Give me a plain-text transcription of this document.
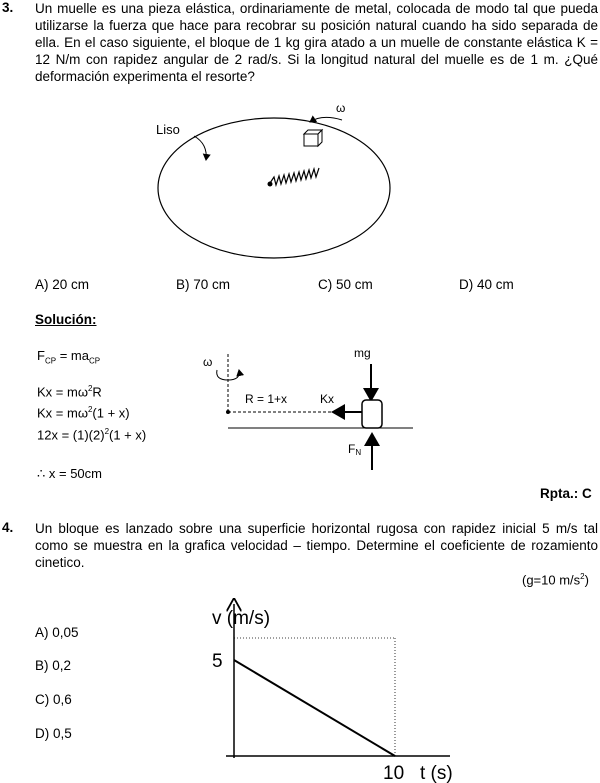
3. Un muelle es una pieza elástica, ordinariamente de metal, colocada de modo tal que pueda utilizarse la fuerza que hace para recobrar su posición natural cuando ha sido separada de ella. En el caso siguiente, el bloque de 1 kg gira atado a un muelle de constante elástica K = 12 N/m con rapidez angular de 2 rad/s. Si la longitud natural del muelle es de 1 m. ¿Qué deformación experimenta el resorte?
Liso
ω
A) 20 cm	B) 70 cm	C) 50 cm	D) 40 cm
Solución:
$F_{CP} = ma_{CP}$
$Kx = m\omega^2R$
$Kx = m\omega^2(1 + x)$
$12x = (1)(2)^2(1 + x)$
∴ x = 50cm
ω
R = 1+x	Kx
mg
FN
Rpta.: C
4. Un bloque es lanzado sobre una superficie horizontal rugosa con rapidez inicial 5 m/s tal como se muestra en la grafica velocidad – tiempo. Determine el coeficiente de rozamiento cinetico.
(g=10 $m/s^2$)
A) 0,05
B) 0,2
C) 0,6
D) 0,5
v (m/s)
t (s)
5
10
